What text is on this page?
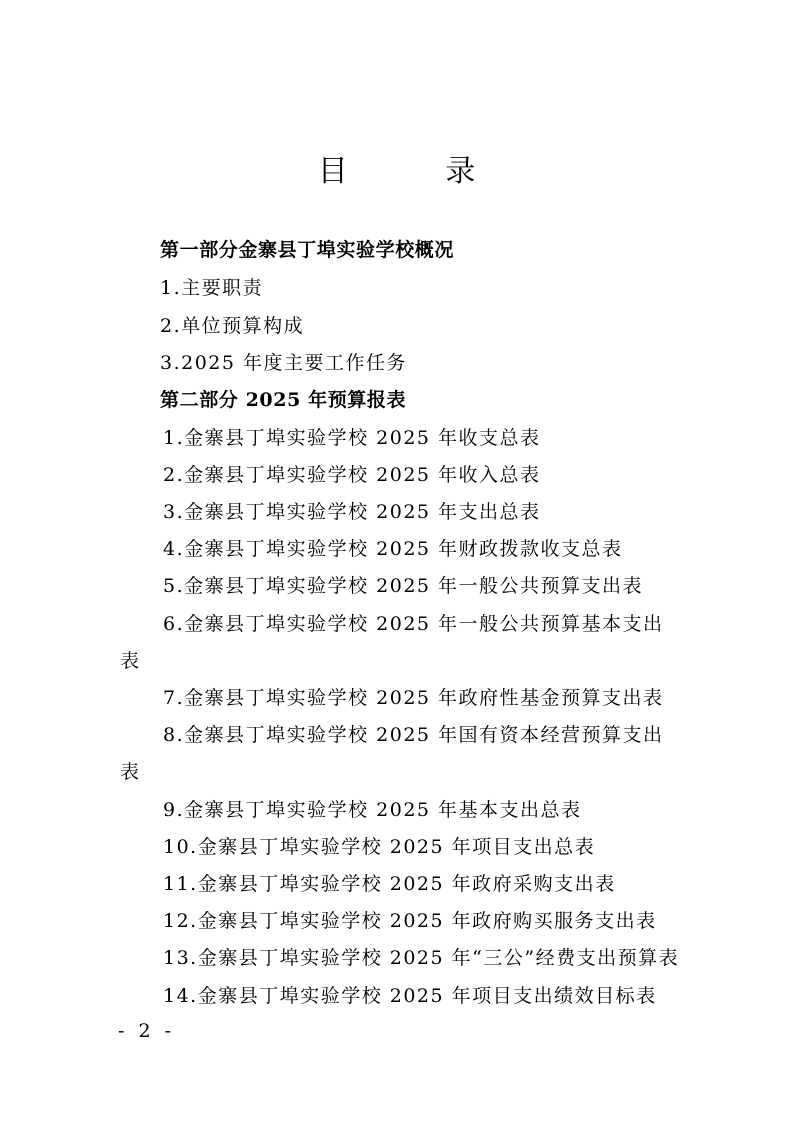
目 录
第一部分金寨县丁埠实验学校概况
1.主要职责
2.单位预算构成
3.2025 年度主要工作任务
第二部分 2025 年预算报表
1.金寨县丁埠实验学校 2025 年收支总表
2.金寨县丁埠实验学校 2025 年收入总表
3.金寨县丁埠实验学校 2025 年支出总表
4.金寨县丁埠实验学校 2025 年财政拨款收支总表
5.金寨县丁埠实验学校 2025 年一般公共预算支出表
6.金寨县丁埠实验学校 2025 年一般公共预算基本支出
表
7.金寨县丁埠实验学校 2025 年政府性基金预算支出表
8.金寨县丁埠实验学校 2025 年国有资本经营预算支出
表
9.金寨县丁埠实验学校 2025 年基本支出总表
10.金寨县丁埠实验学校 2025 年项目支出总表
11.金寨县丁埠实验学校 2025 年政府采购支出表
12.金寨县丁埠实验学校 2025 年政府购买服务支出表
13.金寨县丁埠实验学校 2025 年“三公”经费支出预算表
14.金寨县丁埠实验学校 2025 年项目支出绩效目标表
- 2 -
